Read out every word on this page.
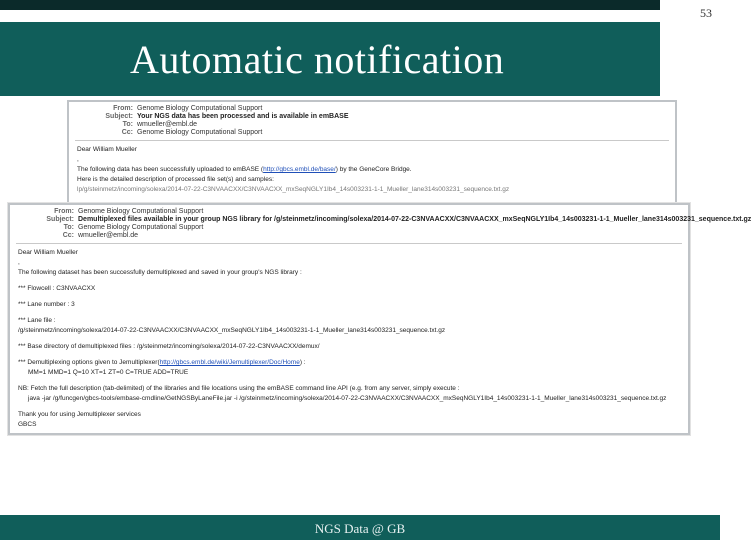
53
Automatic notification
From: Genome Biology Computational Support
Subject: Your NGS data has been processed and is available in emBASE
To: wmueller@embl.de
Cc: Genome Biology Computational Support

Dear William Mueller

,

The following data has been successfully uploaded to emBASE (http://gbcs.embl.de/base/) by the GeneCore Bridge.

Here is the detailed description of processed file set(s) and samples:

lp/g/steinmetz/incoming/solexa/2014-07-22-C3NVAACXX/C3NVAACXX_mxSeqNGLY1Ib4_14s003231-1-1_Mueller_lane314s003231_sequence.txt.gz

From: Genome Biology Computational Support
Subject: Demultiplexed files available in your group NGS library for /g/steinmetz/incoming/solexa/2014-07-22-C3NVAACXX/C3NVAACXX_mxSeqNGLY1Ib4_14s003231-1-1_Mueller_lane314s003231_sequence.txt.gz
To: Genome Biology Computational Support
Cc: wmueller@embl.de

Dear William Mueller

,

The following dataset has been successfully demultiplexed and saved in your group's NGS library :

*** Flowcell : C3NVAACXX

*** Lane number : 3

*** Lane file :

/g/steinmetz/incoming/solexa/2014-07-22-C3NVAACXX/C3NVAACXX_mxSeqNGLY1Ib4_14s003231-1-1_Mueller_lane314s003231_sequence.txt.gz

*** Base directory of demultiplexed files : /g/steinmetz/incoming/solexa/2014-07-22-C3NVAACXX/demux/

*** Demultiplexing options given to Jemultiplexer(http://gbcs.embl.de/wiki/Jemultiplexer/Doc/Home) :

MM=1 MMD=1 Q=10 XT=1 ZT=0 C=TRUE ADD=TRUE

NB: Fetch the full description (tab-delimited) of the libraries and file locations using the emBASE command line API (e.g. from any server, simply execute :

java -jar /g/funcgen/gbcs-tools/embase-cmdline/GetNGSByLaneFile.jar -i /g/steinmetz/incoming/solexa/2014-07-22-C3NVAACXX/C3NVAACXX_mxSeqNGLY1Ib4_14s003231-1-1_Mueller_lane314s003231_sequence.txt.gz

Thank you for using Jemultiplexer services

GBCS

NGS Data @ GB
